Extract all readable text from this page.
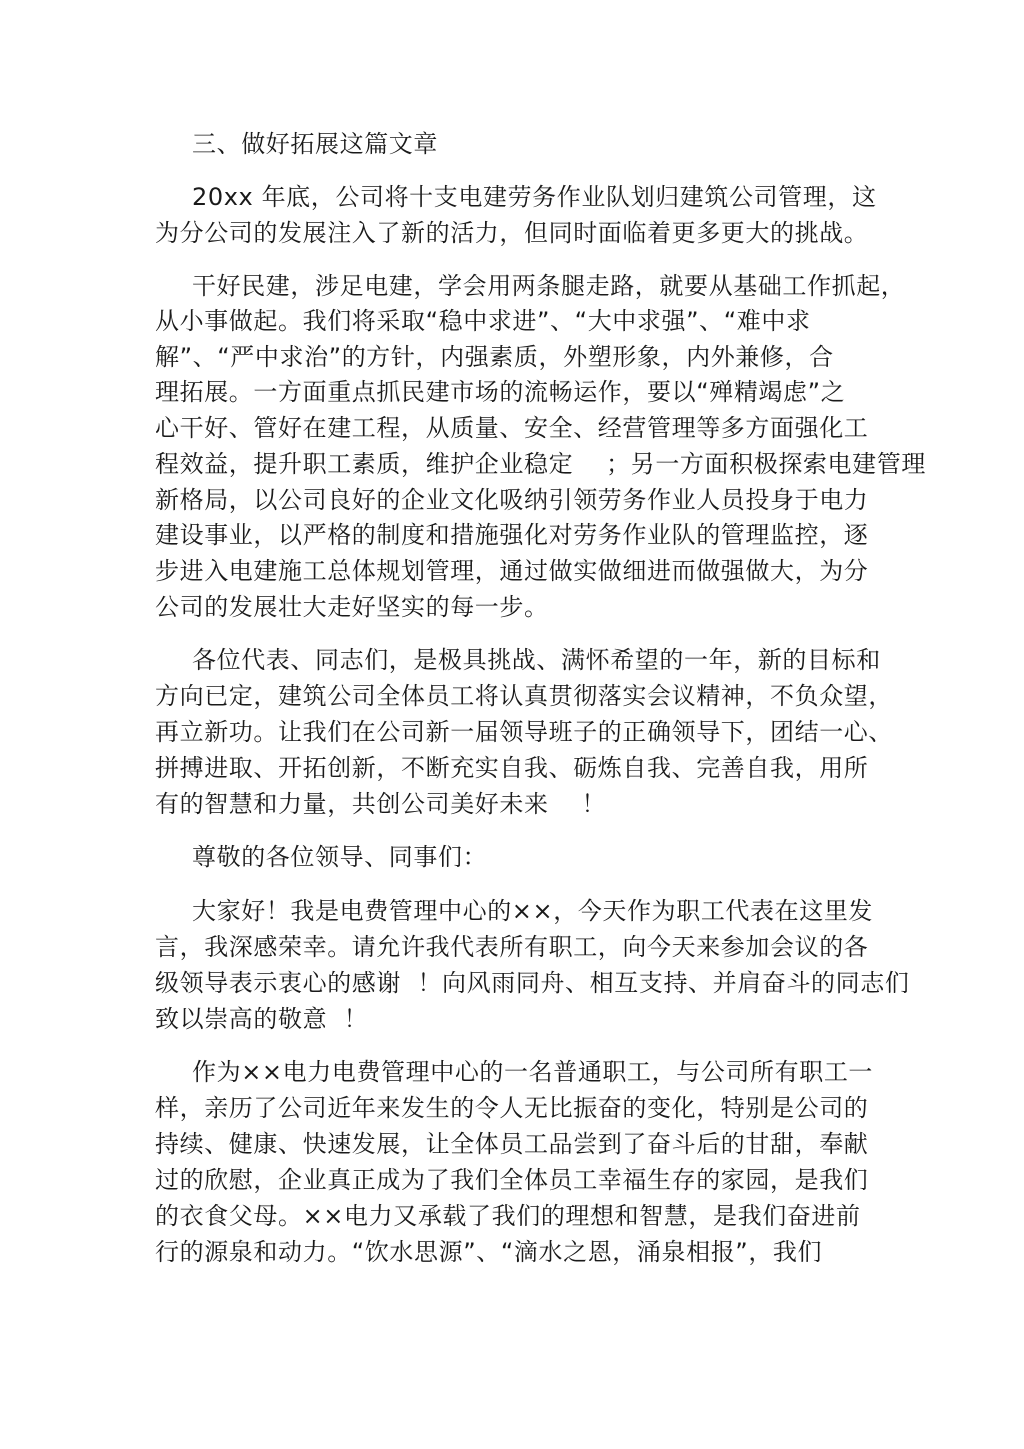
三、做好拓展这篇文章
20xx 年底，公司将十支电建劳务作业队划归建筑公司管理，这
为分公司的发展注入了新的活力，但同时面临着更多更大的挑战。
干好民建，涉足电建，学会用两条腿走路，就要从基础工作抓起，
从小事做起。我们将采取“稳中求进”、“大中求强”、“难中求
解”、“严中求治”的方针，内强素质，外塑形象，内外兼修，合
理拓展。一方面重点抓民建市场的流畅运作，要以“殚精竭虑”之
心干好、管好在建工程，从质量、安全、经营管理等多方面强化工
程效益，提升职工素质，维护企业稳定    ；另一方面积极探索电建管理
新格局，以公司良好的企业文化吸纳引领劳务作业人员投身于电力
建设事业，以严格的制度和措施强化对劳务作业队的管理监控，逐
步进入电建施工总体规划管理，通过做实做细进而做强做大，为分
公司的发展壮大走好坚实的每一步。
各位代表、同志们，是极具挑战、满怀希望的一年，新的目标和
方向已定，建筑公司全体员工将认真贯彻落实会议精神，不负众望，
再立新功。让我们在公司新一届领导班子的正确领导下，团结一心、
拼搏进取、开拓创新，不断充实自我、砺炼自我、完善自我，用所
有的智慧和力量，共创公司美好未来    ！
尊敬的各位领导、同事们：
大家好！我是电费管理中心的××，今天作为职工代表在这里发
言，我深感荣幸。请允许我代表所有职工，向今天来参加会议的各
级领导表示衷心的感谢  ！向风雨同舟、相互支持、并肩奋斗的同志们
致以崇高的敬意  ！
作为××电力电费管理中心的一名普通职工，与公司所有职工一
样，亲历了公司近年来发生的令人无比振奋的变化，特别是公司的
持续、健康、快速发展，让全体员工品尝到了奋斗后的甘甜，奉献
过的欣慰，企业真正成为了我们全体员工幸福生存的家园，是我们
的衣食父母。××电力又承载了我们的理想和智慧，是我们奋进前
行的源泉和动力。“饮水思源”、“滴水之恩，涌泉相报”，我们
